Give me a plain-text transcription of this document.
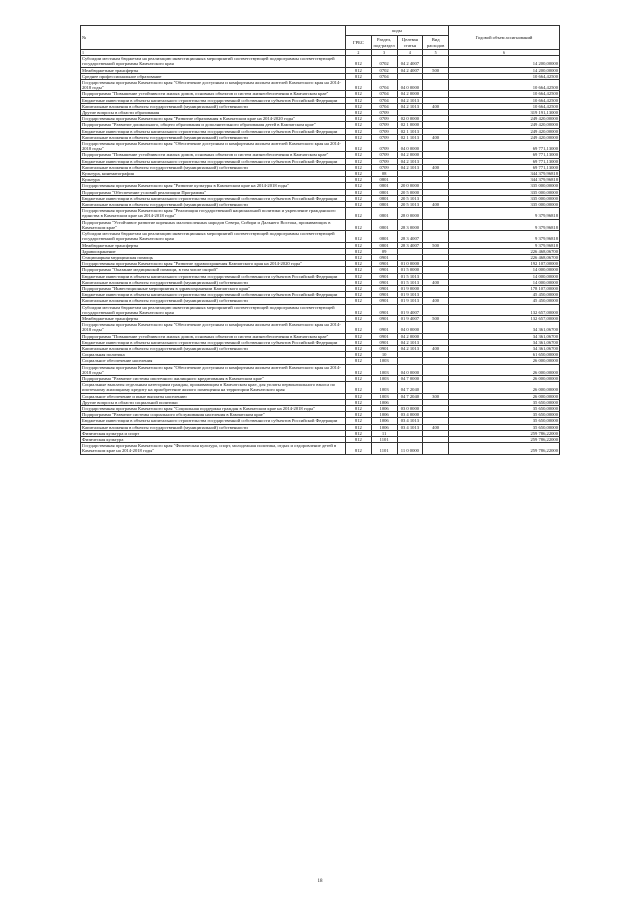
№	коды				Годовой объем ассигнований
	ГРБС	Раздел, под-раздел	Целевая статья	Вид расходов	
1	2	3	4	5	6
Субсидии местным бюджетам на реализацию инвестиционных мероприятий соответствующей подпрограммы соответствующей государственной программы Камчатского края	812	0702	04 2 4007		14 200,00000
Межбюджетные трансферты	812	0702	04 2 4007	500	14 200,00000
Среднее профессиональное образование	812	0704			10 664,42500
Государственная программа Камчатского края "Обеспечение доступным и комфортным жильем жителей Камчатского края на 2014-2018 годы"	812	0704	04 0 0000		10 664,42500
Подпрограмма "Повышение устойчивости жилых домов, основных объектов и систем жизнеобеспечения в Камчатском крае"	812	0704	04 2 0000		10 664,42500
Бюджетные инвестиции в объекты капитального строительства государственной собственности субъектов Российской Федерации	812	0704	04 2 1013		10 664,42500
Капитальные вложения в объекты государственной (муниципальной) собственности	812	0704	04 2 1013	400	10 664,42500
Другие вопросы в области образования	812	0709			319 191,13000
Государственная программа Камчатского края "Развитие образования в Камчатском крае на 2014-2020 годы"	812	0709	02 0 0000		249 420,00000
Подпрограмма "Развитие дошкольного, общего образования и дополнительного образования детей в Камчатском крае"	812	0709	02 1 0000		249 420,00000
Бюджетные инвестиции в объекты капитального строительства государственной собственности субъектов Российской Федерации	812	0709	02 1 1013		249 420,00000
Капитальные вложения в объекты государственной (муниципальной) собственности	812	0709	02 1 1013	400	249 420,00000
Государственная программа Камчатского края "Обеспечение доступным и комфортным жильем жителей Камчатского края на 2014-2018 годы"	812	0709	04 0 0000		69 771,13000
Подпрограмма "Повышение устойчивости жилых домов, основных объектов и систем жизнеобеспечения в Камчатском крае"	812	0709	04 2 0000		69 771,13000
Бюджетные инвестиции в объекты капитального строительства государственной собственности субъектов Российской Федерации	812	0709	04 2 1013		69 771,13000
Капитальные вложения в объекты государственной (муниципальной) собственности	812	0709	04 2 1013	400	69 771,13000
Культура, кинематография	812	08			344 379,96818
Культура	812	0801			344 379,96818
Государственная программа Камчатского края "Развитие культуры в Камчатском крае на 2014-2018 годы"	812	0801	20 0 0000		335 000,00000
Подпрограмма "Обеспечение условий реализации Программы"	812	0801	20 5 0000		335 000,00000
Бюджетные инвестиции в объекты капитального строительства государственной собственности субъектов Российской Федерации	812	0801	20 5 1013		335 000,00000
Капитальные вложения в объекты государственной (муниципальной) собственности	812	0801	20 5 1013	400	335 000,00000
Государственная программа Камчатского края "Реализация государственной национальной политики и укрепление гражданского единства в Камчатском крае на 2014-2018 годы"	812	0801	28 0 0000		9 379,96818
Подпрограмма "Устойчивое развитие коренных малочисленных народов Севера, Сибири и Дальнего Востока, проживающих в Камчатском крае"	812	0801	28 3 0000		9 379,96818
Субсидии местным бюджетам на реализацию инвестиционных мероприятий соответствующей подпрограммы соответствующей государственной программы Камчатского края	812	0801	28 3 4007		9 379,96818
Межбюджетные трансферты	812	0801	28 3 4007	500	9 379,96818
Здравоохранение	812	09			226 468,06700
Стационарная медицинская помощь	812	0901			226 468,06700
Государственная программа Камчатского края "Развитие здравоохранения Камчатского края на 2014-2020 годы"	812	0901	01 0 0000		192 107,00000
Подпрограмма "Оказание медицинской помощи, в том числе скорой"	812	0901	01 5 0000		14 000,00000
Бюджетные инвестиции в объекты капитального строительства государственной собственности субъектов Российской Федерации	812	0901	01 5 1013		14 000,00000
Капитальные вложения в объекты государственной (муниципальной) собственности	812	0901	01 5 1013	400	14 000,00000
Подпрограмма "Инвестиционные мероприятия в здравоохранении Камчатского края"	812	0901	01 9 0000		178 107,00000
Бюджетные инвестиции в объекты капитального строительства государственной собственности субъектов Российской Федерации	812	0901	01 9 1013		45 450,00000
Капитальные вложения в объекты государственной (муниципальной) собственности	812	0901	01 9 1013	400	45 450,00000
Субсидии местным бюджетам на реализацию инвестиционных мероприятий соответствующей подпрограммы соответствующей государственной программы Камчатского края	812	0901	01 9 4007		132 657,00000
Межбюджетные трансферты	812	0901	01 9 4007	500	132 657,00000
Государственная программа Камчатского края "Обеспечение доступным и комфортным жильем жителей Камчатского края на 2014-2018 годы"	812	0901	04 0 0000		34 361,06700
Подпрограмма "Повышение устойчивости жилых домов, основных объектов и систем жизнеобеспечения в Камчатском крае"	812	0901	04 2 0000		34 361,06700
Бюджетные инвестиции в объекты капитального строительства государственной собственности субъектов Российской Федерации	812	0901	04 2 1013		34 361,06700
Капитальные вложения в объекты государственной (муниципальной) собственности	812	0901	04 2 1013	400	34 361,06700
Социальная политика	812	10			61 650,00000
Социальное обеспечение населения	812	1003			26 000,00000
Государственная программа Камчатского края "Обеспечение доступным и комфортным жильем жителей Камчатского края на 2014-2018 годы"	812	1003	04 0 0000		26 000,00000
Подпрограмма "Развитие системы ипотечного жилищного кредитования в Камчатском крае"	812	1003	04 7 0000		26 000,00000
Социальные выплаты отдельным категориям граждан, проживающим в Камчатском крае, для уплаты первоначального взноса по ипотечному жилищному кредиту на приобретение жилого помещения на территории Камчатского края	812	1003	04 7 2040		26 000,00000
Социальное обеспечение и иные выплаты населению	812	1003	04 7 2040	300	26 000,00000
Другие вопросы в области социальной политики	812	1006			35 650,00000
Государственная программа Камчатского края "Социальная поддержка граждан в Камчатском крае на 2014-2018 годы"	812	1006	03 0 0000		35 650,00000
Подпрограмма "Развитие системы социального обслуживания населения в Камчатском крае"	812	1006	03 4 0000		35 650,00000
Бюджетные инвестиции в объекты капитального строительства государственной собственности субъектов Российской Федерации	812	1006	03 4 1013		35 650,00000
Капитальные вложения в объекты государственной (муниципальной) собственности	812	1006	03 4 1013	400	35 650,00000
Физическая культура и спорт	812	11			259 786,22000
Физическая культура	812	1101			259 786,22000
Государственная программа Камчатского края "Физическая культура, спорт, молодежная политика, отдых и оздоровление детей в Камчатском крае на 2014-2018 годы"	812	1101	11 0 0000		259 786,22000
18
